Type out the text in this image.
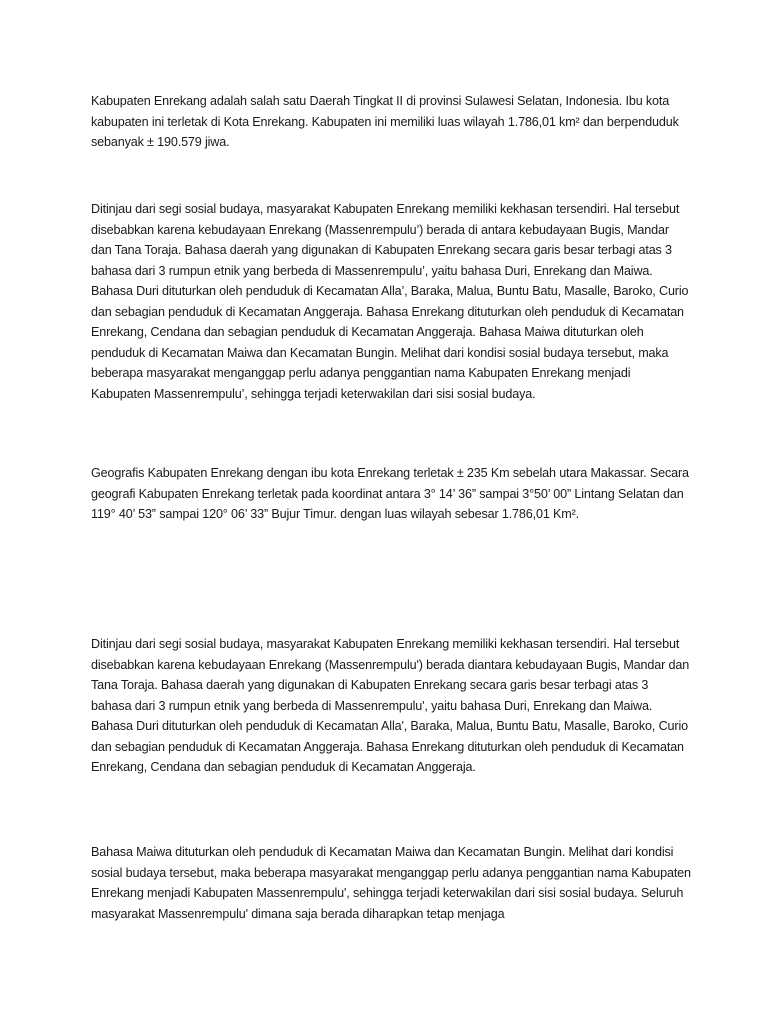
Kabupaten Enrekang adalah salah satu Daerah Tingkat II di provinsi Sulawesi Selatan, Indonesia. Ibu kota kabupaten ini terletak di Kota Enrekang. Kabupaten ini memiliki luas wilayah 1.786,01 km² dan berpenduduk sebanyak ± 190.579 jiwa.

Ditinjau dari segi sosial budaya, masyarakat Kabupaten Enrekang memiliki kekhasan tersendiri. Hal tersebut disebabkan karena kebudayaan Enrekang (Massenrempulu’) berada di antara kebudayaan Bugis, Mandar dan Tana Toraja. Bahasa daerah yang digunakan di Kabupaten Enrekang secara garis besar terbagi atas 3 bahasa dari 3 rumpun etnik yang berbeda di Massenrempulu’, yaitu bahasa Duri, Enrekang dan Maiwa. Bahasa Duri dituturkan oleh penduduk di Kecamatan Alla’, Baraka, Malua, Buntu Batu, Masalle, Baroko, Curio dan sebagian penduduk di Kecamatan Anggeraja. Bahasa Enrekang dituturkan oleh penduduk di Kecamatan Enrekang, Cendana dan sebagian penduduk di Kecamatan Anggeraja. Bahasa Maiwa dituturkan oleh penduduk di Kecamatan Maiwa dan Kecamatan Bungin. Melihat dari kondisi sosial budaya tersebut, maka beberapa masyarakat menganggap perlu adanya penggantian nama Kabupaten Enrekang menjadi Kabupaten Massenrempulu’, sehingga terjadi keterwakilan dari sisi sosial budaya.

Geografis Kabupaten Enrekang dengan ibu kota Enrekang terletak ± 235 Km sebelah utara Makassar. Secara geografi Kabupaten Enrekang terletak pada koordinat antara 3° 14’ 36” sampai 3°50’ 00” Lintang Selatan dan 119° 40’ 53” sampai 120° 06’ 33” Bujur Timur. dengan luas wilayah sebesar 1.786,01 Km².

Ditinjau dari segi sosial budaya, masyarakat Kabupaten Enrekang memiliki kekhasan tersendiri. Hal tersebut disebabkan karena kebudayaan Enrekang (Massenrempulu') berada diantara kebudayaan Bugis, Mandar dan Tana Toraja. Bahasa daerah yang digunakan di Kabupaten Enrekang secara garis besar terbagi atas 3 bahasa dari 3 rumpun etnik yang berbeda di Massenrempulu', yaitu bahasa Duri, Enrekang dan Maiwa. Bahasa Duri dituturkan oleh penduduk di Kecamatan Alla', Baraka, Malua, Buntu Batu, Masalle, Baroko, Curio dan sebagian penduduk di Kecamatan Anggeraja. Bahasa Enrekang dituturkan oleh penduduk di Kecamatan Enrekang, Cendana dan sebagian penduduk di Kecamatan Anggeraja.

Bahasa Maiwa dituturkan oleh penduduk di Kecamatan Maiwa dan Kecamatan Bungin. Melihat dari kondisi sosial budaya tersebut, maka beberapa masyarakat menganggap perlu adanya penggantian nama Kabupaten Enrekang menjadi Kabupaten Massenrempulu', sehingga terjadi keterwakilan dari sisi sosial budaya. Seluruh masyarakat Massenrempulu' dimana saja berada diharapkan tetap menjaga
